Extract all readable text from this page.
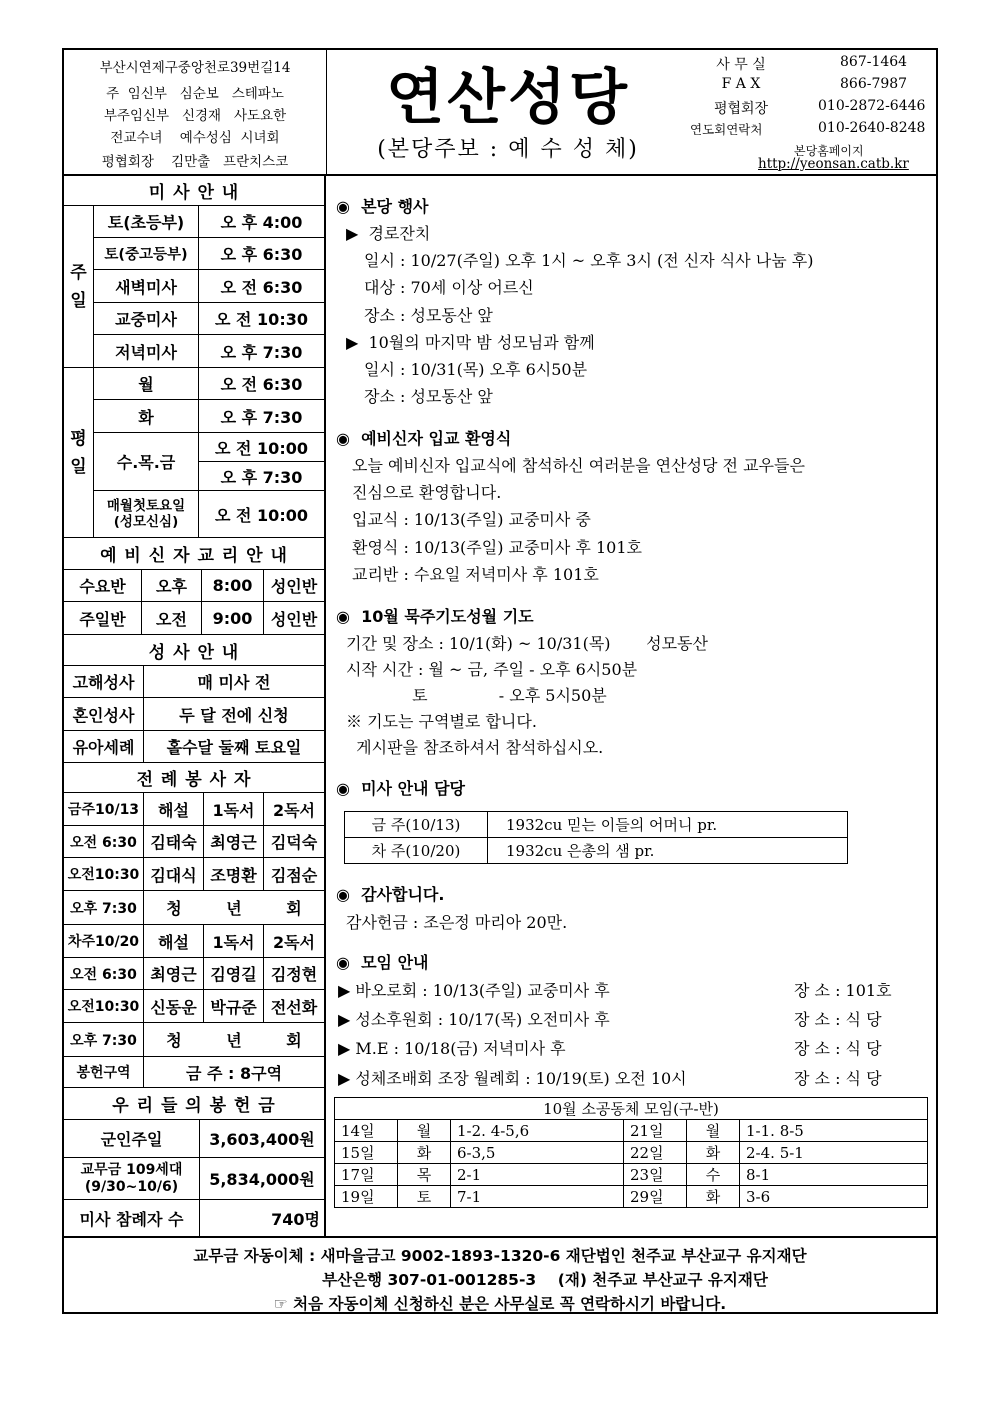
부산시연제구중앙천로39번길14
주  임신부   심순보   스테파노
부주임신부   신경재   사도요한
전교수녀    예수성심  시녀회
평협회장    김만출   프란치스코
연산성당
(본당주보 : 예 수 성 체)
사 무 실	867-1464
F A X	866-7987
평협회장	010-2872-6446
연도회연락처	010-2640-8248
본당홈페이지
http://yeonsan.catb.kr
미 사 안 내
주
일
토(초등부)	오 후 4:00
토(중고등부)	오 후 6:30
새벽미사	오 전 6:30
교중미사	오 전 10:30
저녁미사	오 후 7:30
평
일
월	오 전 6:30
화	오 후 7:30
수.목.금
오 전 10:00
오 후 7:30
매월첫토요일
(성모신심)	오 전 10:00
예 비 신 자 교 리 안 내
수요반	오후	8:00	성인반
주일반	오전	9:00	성인반
성 사 안 내
고해성사	매 미사 전
혼인성사	두 달 전에 신청
유아세례	홀수달 둘째 토요일
전 례 봉 사 자
금주10/13	해설	1독서	2독서
오전 6:30 김태숙 최영근 김덕숙
오전10:30 김대식 조명환 김점순
오후 7:30	청        년        회
차주10/20	해설	1독서	2독서
오전 6:30 최영근 김영길 김정현
오전10:30 신동운 박규준 전선화
오후 7:30	청        년        회
봉헌구역	금 주 : 8구역
우 리 들 의 봉 헌 금
군인주일	3,603,400원
교무금 109세대
(9/30~10/6)	5,834,000원
미사 참례자 수	740명
◉  본당 행사
▶  경로잔치
일시 : 10/27(주일) 오후 1시 ~ 오후 3시 (전 신자 식사 나눔 후)
대상 : 70세 이상 어르신
장소 : 성모동산 앞
▶  10월의 마지막 밤 성모님과 함께
일시 : 10/31(목) 오후 6시50분
장소 : 성모동산 앞
◉  예비신자 입교 환영식
오늘 예비신자 입교식에 참석하신 여러분을 연산성당 전 교우들은
진심으로 환영합니다.
입교식 : 10/13(주일) 교중미사 중
환영식 : 10/13(주일) 교중미사 후 101호
교리반 : 수요일 저녁미사 후 101호
◉  10월 묵주기도성월 기도
기간 및 장소 : 10/1(화) ~ 10/31(목)       성모동산
시작 시간 : 월 ~ 금, 주일 - 오후 6시50분
토              - 오후 5시50분
※ 기도는 구역별로 합니다.
게시판을 참조하셔서 참석하십시오.
◉  미사 안내 담당
금 주(10/13)	1932cu 믿는 이들의 어머니 pr.
차 주(10/20)	1932cu 은총의 샘 pr.
◉  감사합니다.
감사헌금 : 조은정 마리아 20만.
◉  모임 안내
▶ 바오로회 : 10/13(주일) 교중미사 후	장 소 : 101호
▶ 성소후원회 : 10/17(목) 오전미사 후	장 소 : 식 당
▶ M.E : 10/18(금) 저녁미사 후	장 소 : 식 당
▶ 성체조배회 조장 월례회 : 10/19(토) 오전 10시	장 소 : 식 당
10월 소공동체 모임(구-반)					
14일	월	1-2. 4-5,6	21일	월	1-1. 8-5
15일	화	6-3,5	22일	화	2-4. 5-1
17일	목	2-1	23일	수	8-1
19일	토	7-1	29일	화	3-6
교무금 자동이체 : 새마을금고 9002-1893-1320-6 재단법인 천주교 부산교구 유지재단
부산은행 307-01-001285-3    (재) 천주교 부산교구 유지재단
☞ 처음 자동이체 신청하신 분은 사무실로 꼭 연락하시기 바랍니다.
